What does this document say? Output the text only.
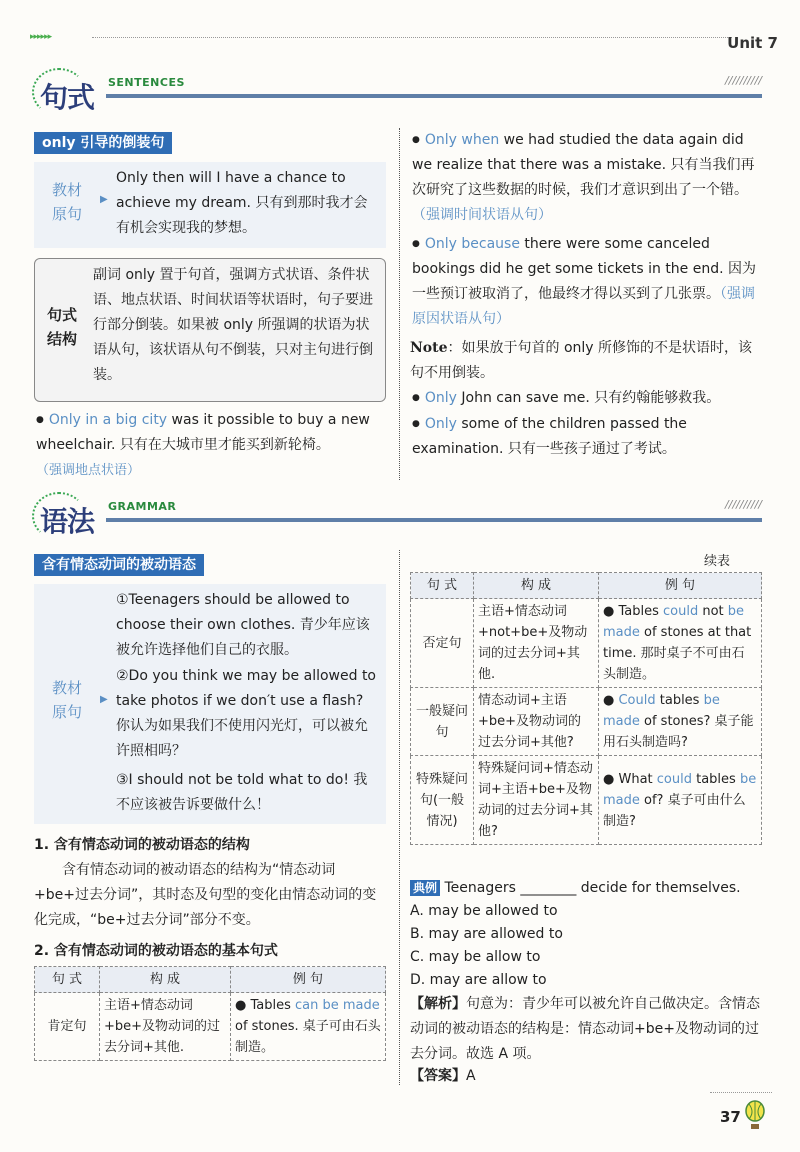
▸▸▸▸▸▸	Unit 7
句式 SENTENCES	//////////
only 引导的倒装句
教材原句
▶
Only then will I have a chance to achieve my dream. 只有到那时我才会有机会实现我的梦想。
句式结构
副词 only 置于句首，强调方式状语、条件状语、地点状语、时间状语等状语时，句子要进行部分倒装。如果被 only 所强调的状语为状语从句，该状语从句不倒装，只对主句进行倒装。
● Only in a big city was it possible to buy a new wheelchair. 只有在大城市里才能买到新轮椅。
（强调地点状语）
● Only when we had studied the data again did we realize that there was a mistake. 只有当我们再次研究了这些数据的时候，我们才意识到出了一个错。（强调时间状语从句）
● Only because there were some canceled bookings did he get some tickets in the end. 因为一些预订被取消了，他最终才得以买到了几张票。（强调原因状语从句）
Note：如果放于句首的 only 所修饰的不是状语时，该句不用倒装。
● Only John can save me. 只有约翰能够救我。
● Only some of the children passed the examination. 只有一些孩子通过了考试。
语法 GRAMMAR	//////////
含有情态动词的被动语态
教材原句
▶
①Teenagers should be allowed to choose their own clothes. 青少年应该被允许选择他们自己的衣服。
②Do you think we may be allowed to take photos if we don′t use a flash? 你认为如果我们不使用闪光灯，可以被允许照相吗？
③I should not be told what to do! 我不应该被告诉要做什么！
1. 含有情态动词的被动语态的结构
含有情态动词的被动语态的结构为“情态动词+be+过去分词”，其时态及句型的变化由情态动词的变化完成，“be+过去分词”部分不变。
2. 含有情态动词的被动语态的基本句式
句 式	构 成	例 句
肯定句	主语+情态动词+be+及物动词的过去分词+其他.	● Tables can be made of stones. 桌子可由石头制造。
续表
句 式	构 成	例 句
否定句	主语+情态动词+not+be+及物动词的过去分词+其他.	● Tables could not be made of stones at that time. 那时桌子不可由石头制造。
一般疑问句	情态动词+主语+be+及物动词的过去分词+其他?	● Could tables be made of stones? 桌子能用石头制造吗?
特殊疑问句(一般情况)	特殊疑问词+情态动词+主语+be+及物动词的过去分词+其他?	● What could tables be made of? 桌子可由什么制造?
典例 Teenagers ________ decide for themselves.
A. may be allowed to
B. may are allowed to
C. may be allow to
D. may are allow to
【解析】句意为：青少年可以被允许自己做决定。含情态动词的被动语态的结构是：情态动词+be+及物动词的过去分词。故选 A 项。
【答案】A
37
